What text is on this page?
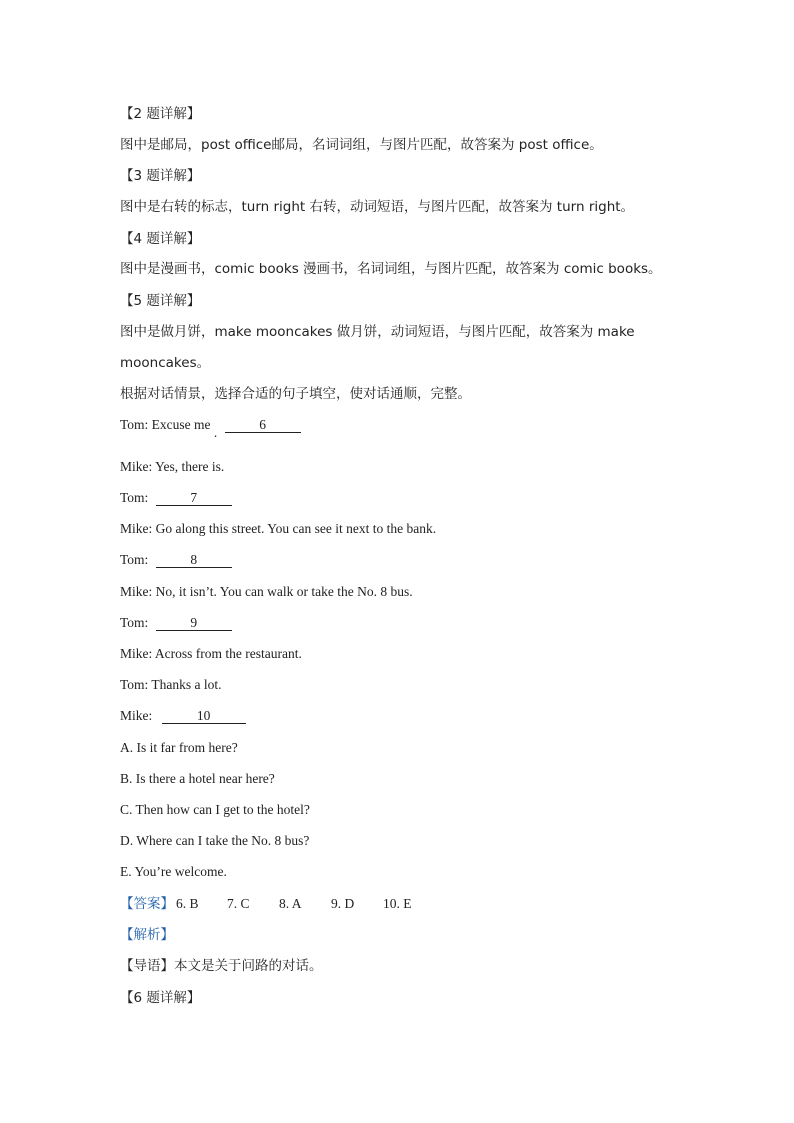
【2 题详解】
图中是邮局，post office邮局，名词词组，与图片匹配，故答案为 post office。
【3 题详解】
图中是右转的标志，turn right 右转，动词短语，与图片匹配，故答案为 turn right。
【4 题详解】
图中是漫画书，comic books 漫画书，名词词组，与图片匹配，故答案为 comic books。
【5 题详解】
图中是做月饼，make mooncakes 做月饼，动词短语，与图片匹配，故答案为 make
mooncakes。
根据对话情景，选择合适的句子填空，使对话通顺，完整。
Tom: Excuse me . 6
Mike: Yes, there is.
Tom:	7
Mike: Go along this street. You can see it next to the bank.
Tom:	8
Mike: No, it isn’t. You can walk or take the No. 8 bus.
Tom:	9
Mike: Across from the restaurant.
Tom: Thanks a lot.
Mike:	10
A. Is it far from here?
B. Is there a hotel near here?
C. Then how can I get to the hotel?
D. Where can I take the No. 8 bus?
E. You’re welcome.
【答案】 6. B 7. C 8. A 9. D 10. E
【解析】
【导语】本文是关于问路的对话。
【6 题详解】
